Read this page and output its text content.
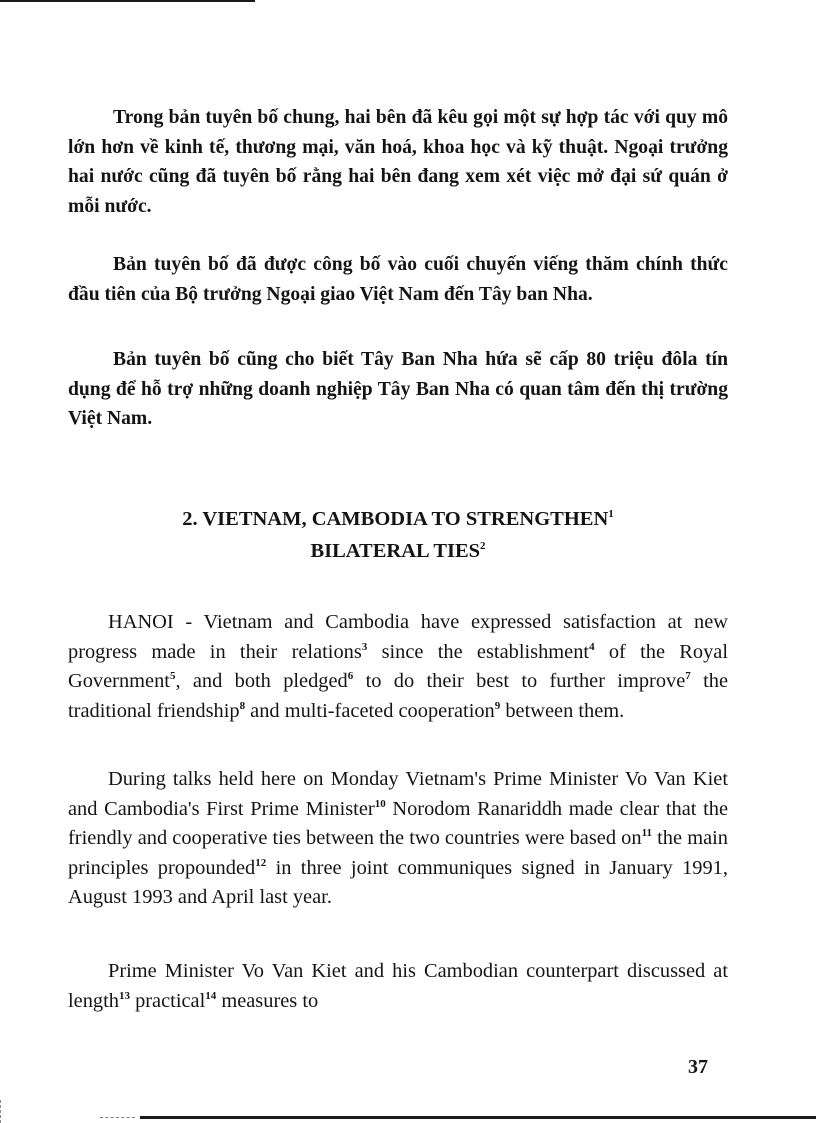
Trong bản tuyên bố chung, hai bên đã kêu gọi một sự hợp tác với quy mô lớn hơn về kinh tế, thương mại, văn hoá, khoa học và kỹ thuật. Ngoại trưởng hai nước cũng đã tuyên bố rằng hai bên đang xem xét việc mở đại sứ quán ở mỗi nước.

Bản tuyên bố đã được công bố vào cuối chuyến viếng thăm chính thức đầu tiên của Bộ trưởng Ngoại giao Việt Nam đến Tây ban Nha.

Bản tuyên bố cũng cho biết Tây Ban Nha hứa sẽ cấp 80 triệu đôla tín dụng để hỗ trợ những doanh nghiệp Tây Ban Nha có quan tâm đến thị trường Việt Nam.

2. VIETNAM, CAMBODIA TO STRENGTHEN$^1$
BILATERAL TIES$^2$

HANOI - Vietnam and Cambodia have expressed satisfaction at new progress made in their relations$^3$ since the establishment$^4$ of the Royal Government$^5$, and both pledged$^6$ to do their best to further improve$^7$ the traditional friendship$^8$ and multi-faceted cooperation$^9$ between them.

During talks held here on Monday Vietnam's Prime Minister Vo Van Kiet and Cambodia's First Prime Minister$^{10}$ Norodom Ranariddh made clear that the friendly and cooperative ties between the two countries were based $on^{11}$ the main principles propounded$^{12}$ in three joint communiques signed in January 1991, August 1993 and April last year.

Prime Minister Vo Van Kiet and his Cambodian counterpart discussed at length$^{13}$ practical$^{14}$ measures to

37
